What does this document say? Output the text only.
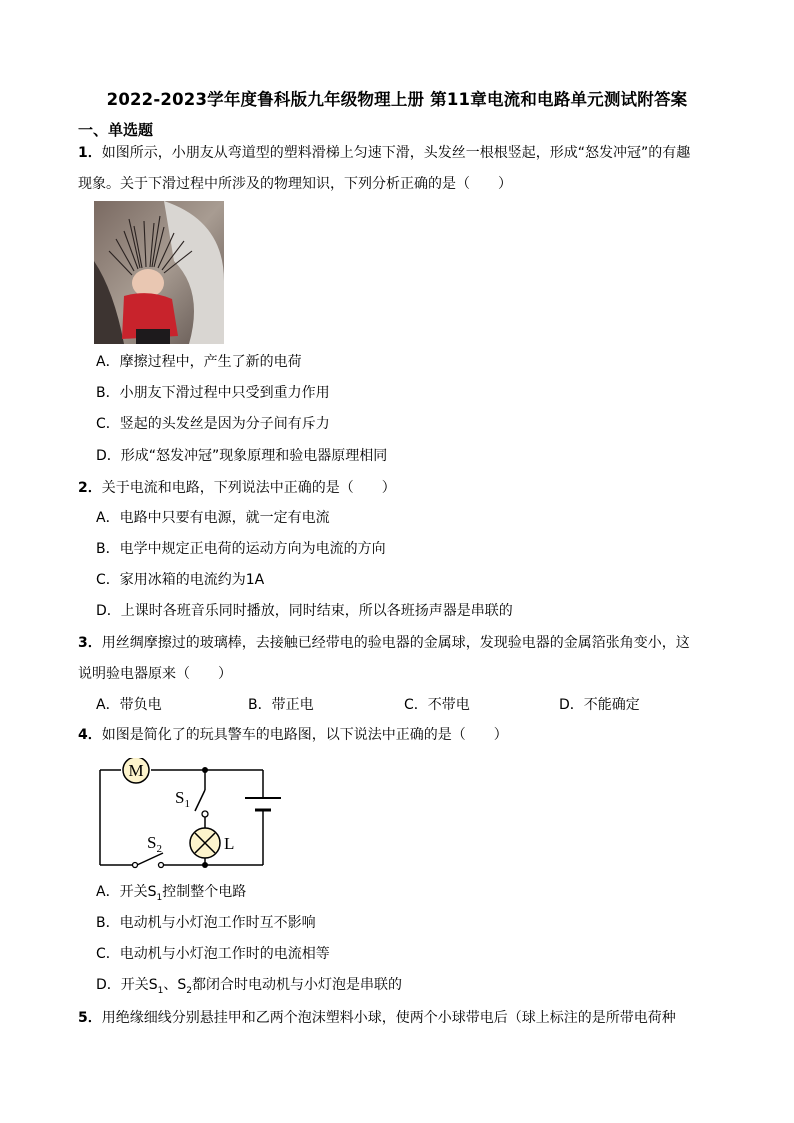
2022-2023学年度鲁科版九年级物理上册 第11章电流和电路单元测试附答案
一、单选题
1．如图所示，小朋友从弯道型的塑料滑梯上匀速下滑，头发丝一根根竖起，形成“怒发冲冠”的有趣
现象。关于下滑过程中所涉及的物理知识，下列分析正确的是（　　）
A．摩擦过程中，产生了新的电荷
B．小朋友下滑过程中只受到重力作用
C．竖起的头发丝是因为分子间有斥力
D．形成“怒发冲冠”现象原理和验电器原理相同
2．关于电流和电路，下列说法中正确的是（　　）
A．电路中只要有电源，就一定有电流
B．电学中规定正电荷的运动方向为电流的方向
C．家用冰箱的电流约为1A
D．上课时各班音乐同时播放，同时结束，所以各班扬声器是串联的
3．用丝绸摩擦过的玻璃棒，去接触已经带电的验电器的金属球，发现验电器的金属箔张角变小，这
说明验电器原来（　　）
A．带负电	B．带正电	C．不带电	D．不能确定
4．如图是简化了的玩具警车的电路图，以下说法中正确的是（　　）
M
L
$S_1$
$S_2$
A．开关$S_1$控制整个电路
B．电动机与小灯泡工作时互不影响
C．电动机与小灯泡工作时的电流相等
D．开关$S_1$、$S_2$都闭合时电动机与小灯泡是串联的
5．用绝缘细线分别悬挂甲和乙两个泡沫塑料小球，使两个小球带电后（球上标注的是所带电荷种
